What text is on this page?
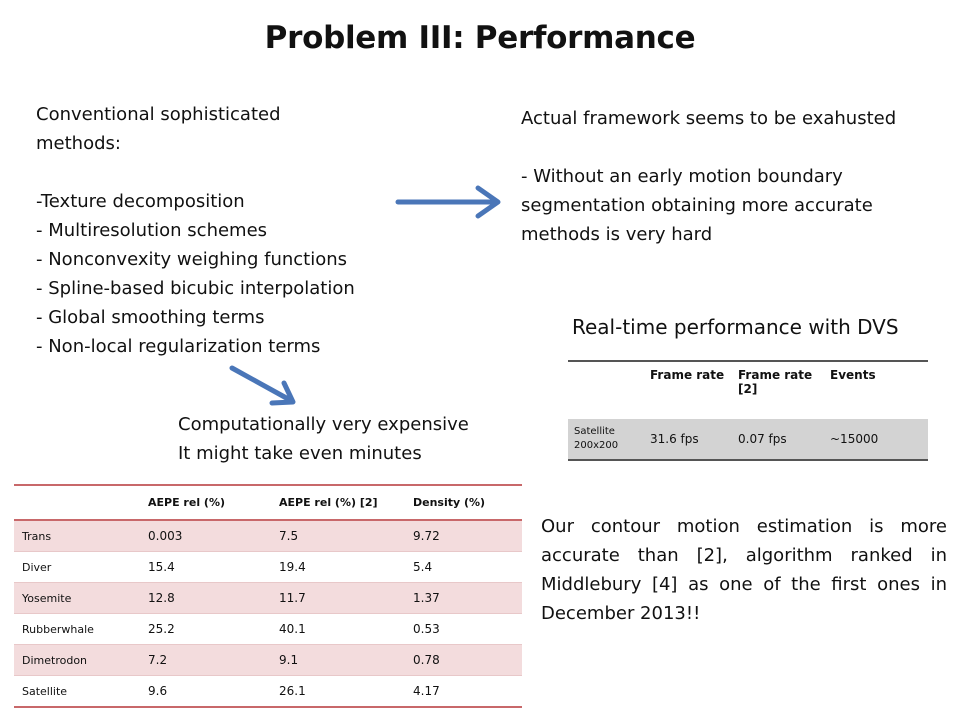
Problem III: Performance
Conventional sophisticated
methods:

-Texture decomposition
- Multiresolution schemes
- Nonconvexity weighing functions
- Spline-based bicubic interpolation
- Global smoothing terms
- Non-local regularization terms
Actual framework seems to be exahusted

- Without an early motion boundary
segmentation obtaining more accurate
methods is very hard
Computationally very expensive
It might take even minutes
Real-time performance with DVS
	Frame rate	Frame rate [2]	Events
Satellite 200x200	31.6 fps	0.07 fps	~15000
	AEPE rel (%)	AEPE rel (%) [2]	Density (%)
Trans	0.003	7.5	9.72
Diver	15.4	19.4	5.4
Yosemite	12.8	11.7	1.37
Rubberwhale	25.2	40.1	0.53
Dimetrodon	7.2	9.1	0.78
Satellite	9.6	26.1	4.17
Our contour motion estimation is more accurate than [2], algorithm ranked in Middlebury [4] as one of the first ones in December 2013!!
